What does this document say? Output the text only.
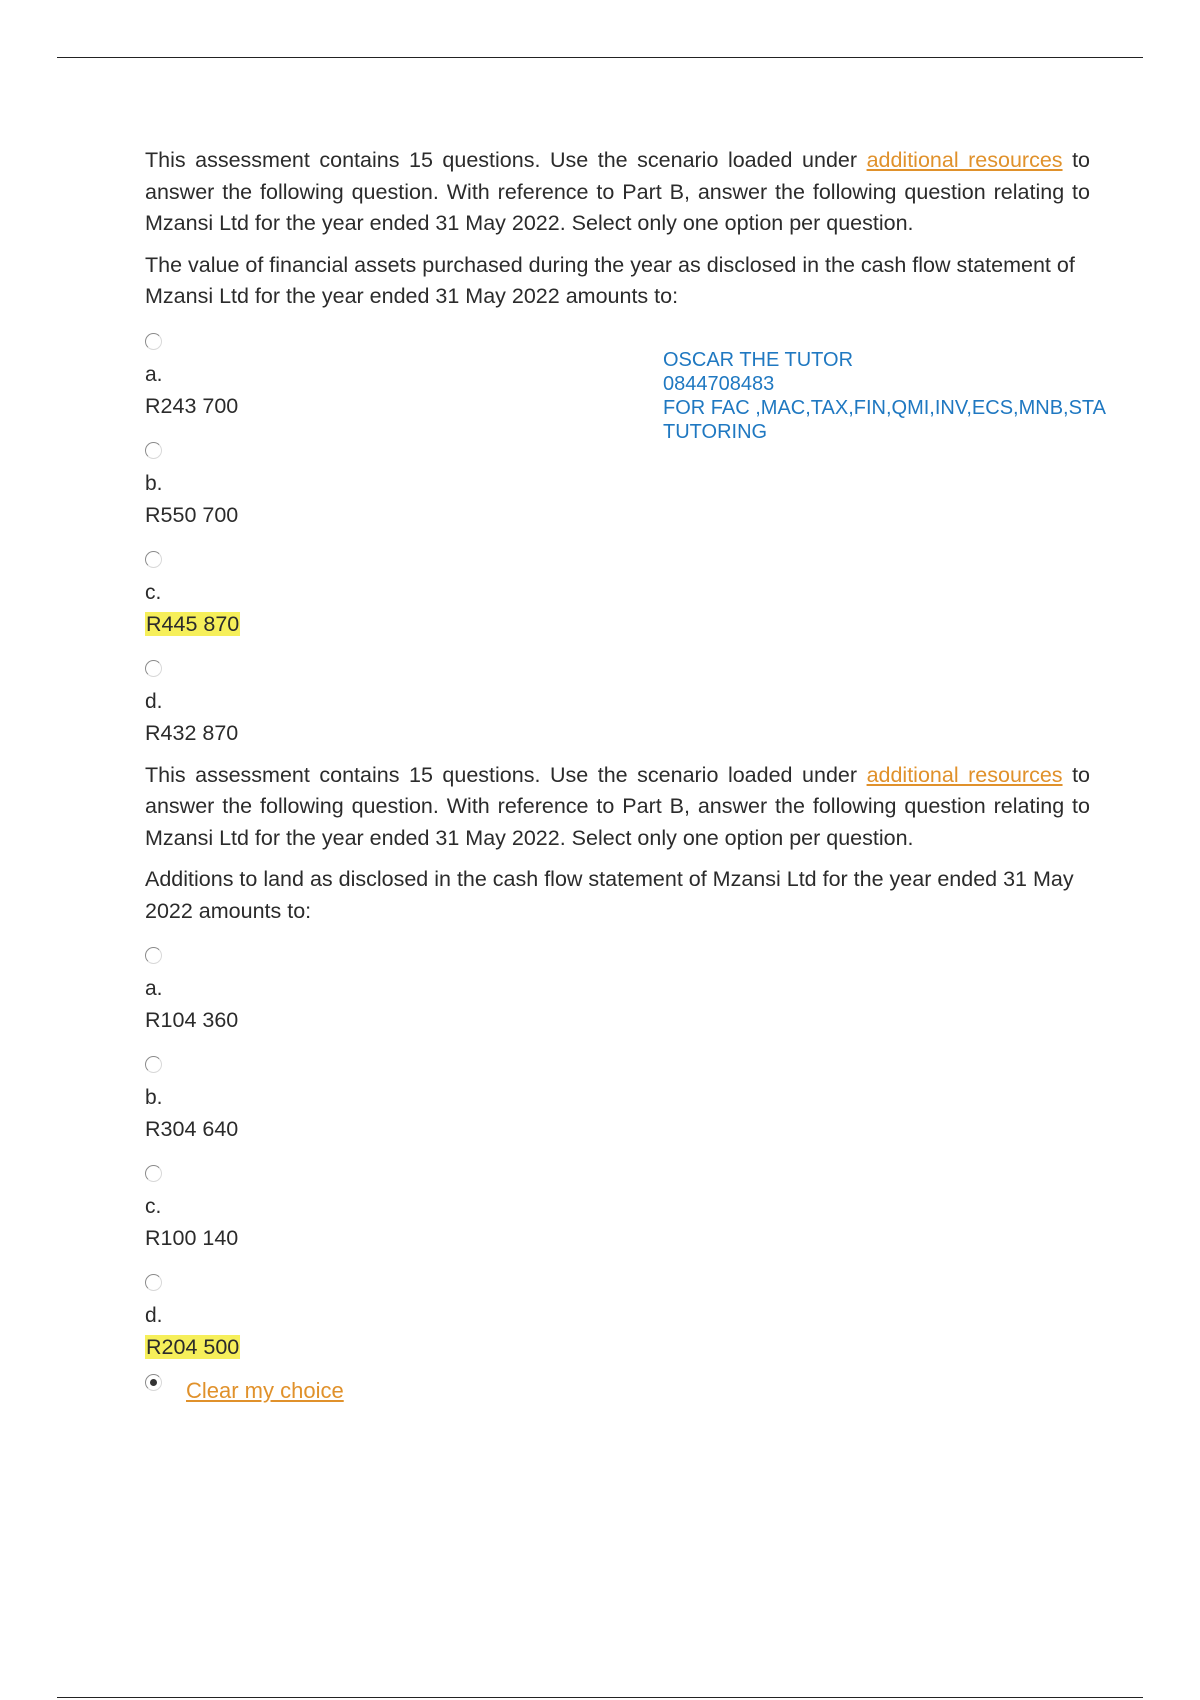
This assessment contains 15 questions. Use the scenario loaded under additional resources to answer the following question. With reference to Part B, answer the following question relating to Mzansi Ltd for the year ended 31 May 2022. Select only one option per question.

The value of financial assets purchased during the year as disclosed in the cash flow statement of Mzansi Ltd for the year ended 31 May 2022 amounts to:

a.
R243 700
b.
R550 700
c.
R445 870
d.
R432 870

This assessment contains 15 questions. Use the scenario loaded under additional resources to answer the following question. With reference to Part B, answer the following question relating to Mzansi Ltd for the year ended 31 May 2022. Select only one option per question.

Additions to land as disclosed in the cash flow statement of Mzansi Ltd for the year ended 31 May 2022 amounts to:

a.
R104 360
b.
R304 640
c.
R100 140
d.
R204 500
Clear my choice
OSCAR THE TUTOR
0844708483
FOR FAC ,MAC,TAX,FIN,QMI,INV,ECS,MNB,STA
TUTORING
